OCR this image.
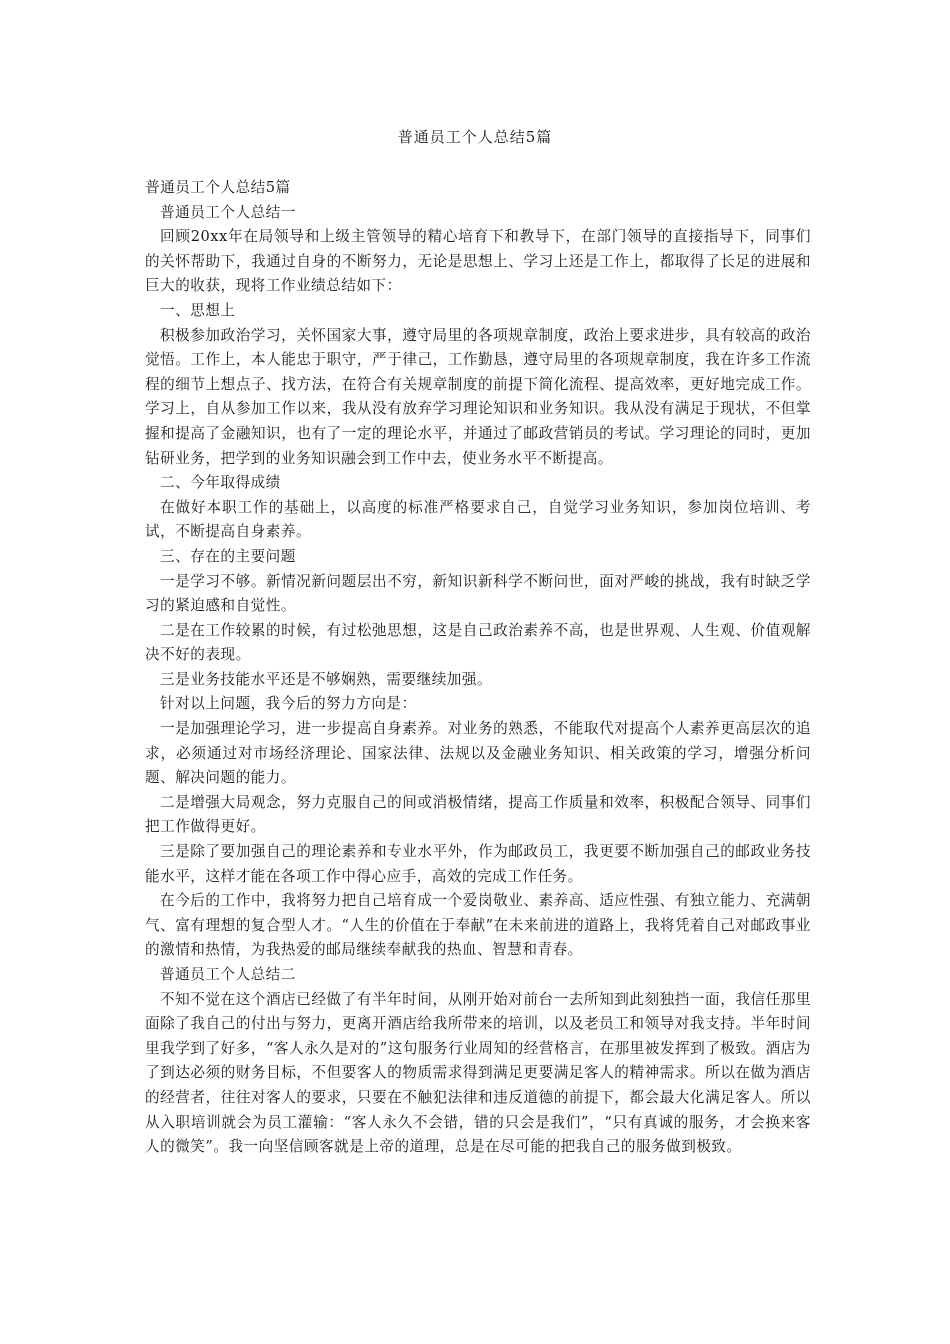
普通员工个人总结5篇

普通员工个人总结5篇

普通员工个人总结一

回顾20xx年在局领导和上级主管领导的精心培育下和教导下，在部门领导的直接指导下，同事们的关怀帮助下，我通过自身的不断努力，无论是思想上、学习上还是工作上，都取得了长足的进展和巨大的收获，现将工作业绩总结如下：

一、思想上

积极参加政治学习，关怀国家大事，遵守局里的各项规章制度，政治上要求进步，具有较高的政治觉悟。工作上，本人能忠于职守，严于律己，工作勤恳，遵守局里的各项规章制度，我在许多工作流程的细节上想点子、找方法，在符合有关规章制度的前提下简化流程、提高效率，更好地完成工作。学习上，自从参加工作以来，我从没有放弃学习理论知识和业务知识。我从没有满足于现状，不但掌握和提高了金融知识，也有了一定的理论水平，并通过了邮政营销员的考试。学习理论的同时，更加钻研业务，把学到的业务知识融会到工作中去，使业务水平不断提高。

二、今年取得成绩

在做好本职工作的基础上，以高度的标准严格要求自己，自觉学习业务知识，参加岗位培训、考试，不断提高自身素养。

三、存在的主要问题

一是学习不够。新情况新问题层出不穷，新知识新科学不断问世，面对严峻的挑战，我有时缺乏学习的紧迫感和自觉性。

二是在工作较累的时候，有过松弛思想，这是自己政治素养不高，也是世界观、人生观、价值观解决不好的表现。

三是业务技能水平还是不够娴熟，需要继续加强。

针对以上问题，我今后的努力方向是：

一是加强理论学习，进一步提高自身素养。对业务的熟悉，不能取代对提高个人素养更高层次的追求，必须通过对市场经济理论、国家法律、法规以及金融业务知识、相关政策的学习，增强分析问题、解决问题的能力。

二是增强大局观念，努力克服自己的间或消极情绪，提高工作质量和效率，积极配合领导、同事们把工作做得更好。

三是除了要加强自己的理论素养和专业水平外，作为邮政员工，我更要不断加强自己的邮政业务技能水平，这样才能在各项工作中得心应手，高效的完成工作任务。

在今后的工作中，我将努力把自己培育成一个爱岗敬业、素养高、适应性强、有独立能力、充满朝气、富有理想的复合型人才。“人生的价值在于奉献”在未来前进的道路上，我将凭着自己对邮政事业的激情和热情，为我热爱的邮局继续奉献我的热血、智慧和青春。

普通员工个人总结二

不知不觉在这个酒店已经做了有半年时间，从刚开始对前台一去所知到此刻独挡一面，我信任那里面除了我自己的付出与努力，更离开酒店给我所带来的培训，以及老员工和领导对我支持。半年时间里我学到了好多，“客人永久是对的”这句服务行业周知的经营格言，在那里被发挥到了极致。酒店为了到达必须的财务目标，不但要客人的物质需求得到满足更要满足客人的精神需求。所以在做为酒店的经营者，往往对客人的要求，只要在不触犯法律和违反道德的前提下，都会最大化满足客人。所以从入职培训就会为员工灌输：“客人永久不会错，错的只会是我们”，“只有真诚的服务，才会换来客人的微笑”。我一向坚信顾客就是上帝的道理，总是在尽可能的把我自己的服务做到极致。
